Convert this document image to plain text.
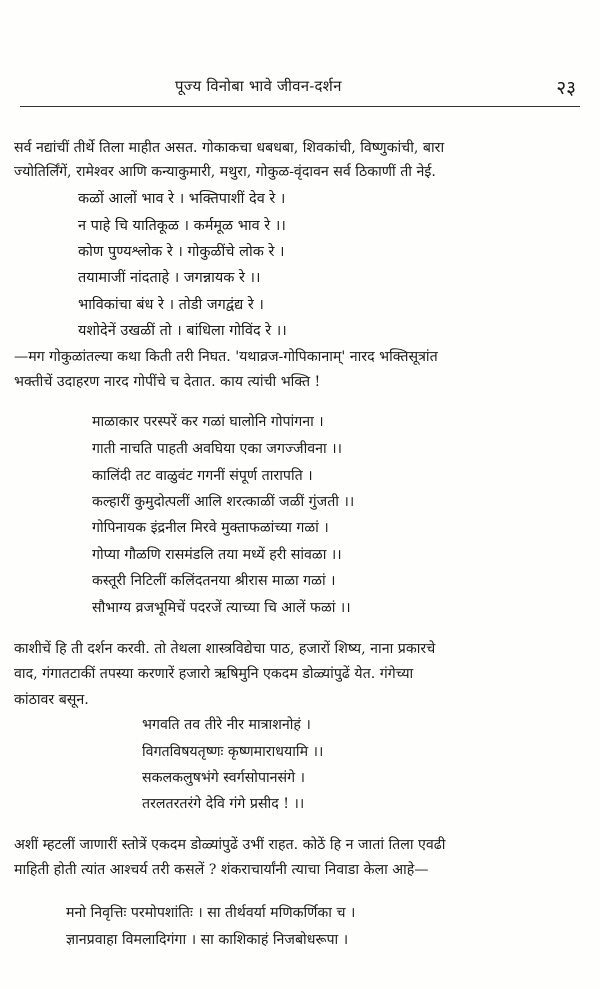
पूज्य विनोबा भावे जीवन-दर्शन	२३
सर्व नद्यांचीं तीर्थे तिला माहीत असत. गोकाकचा धबधबा, शिवकांची, विष्णुकांची, बारा
ज्योतिर्लिंगें, रामेश्वर आणि कन्याकुमारी, मथुरा, गोकुळ-वृंदावन सर्व ठिकाणीं ती नेई.
कळों आलों भाव रे । भक्तिपाशीं देव रे ।
न पाहे चि यातिकूळ । कर्ममूळ भाव रे ।।
कोण पुण्यश्लोक रे । गोकुळींचे लोक रे ।
तयामाजीं नांदताहे । जगन्नायक रे ।।
भाविकांचा बंध रे । तोडी जगद्वंद्य रे ।
यशोदेनें उखळीं तो । बांधिला गोविंद रे ।।
—मग गोकुळांतल्या कथा किती तरी निघत. 'यथाव्रज-गोपिकानाम्' नारद भक्तिसूत्रांत
भक्तीचें उदाहरण नारद गोपींचे च देतात. काय त्यांची भक्ति !
माळाकार परस्परें कर गळां घालोनि गोपांगना ।
गाती नाचति पाहती अवघिया एका जगज्जीवना ।।
कालिंदी तट वाळुवंट गगनीं संपूर्ण तारापति ।
कल्हारीं कुमुदोत्पलीं आलि शरत्काळीं जळीं गुंजती ।।
गोपिनायक इंद्रनील मिरवे मुक्ताफळांच्या गळां ।
गोप्या गौळणि रासमंडलि तया मध्यें हरी सांवळा ।।
कस्तूरी निटिलीं कलिंदतनया श्रीरास माळा गळां ।
सौभाग्य व्रजभूमिचें पदरजें त्याच्या चि आलें फळां ।।
काशीचें हि ती दर्शन करवी. तो तेथला शास्त्रविद्येचा पाठ, हजारों शिष्य, नाना प्रकारचे
वाद, गंगातटाकीं तपस्या करणारें हजारो ऋषिमुनि एकदम डोळ्यांपुढें येत. गंगेच्या
कांठावर बसून.
भगवति तव तीरे नीर मात्राशनोहं ।
विगतविषयतृष्णः कृष्णमाराधयामि ।।
सकलकलुषभंगे स्वर्गसोपानसंगे ।
तरलतरतरंगे देवि गंगे प्रसीद ! ।।
अशीं म्हटलीं जाणारीं स्तोत्रें एकदम डोळ्यांपुढें उभीं राहत. कोठें हि न जातां तिला एवढी
माहिती होती त्यांत आश्चर्य तरी कसलें ? शंकराचार्यांनी त्याचा निवाडा केला आहे—
मनो निवृत्तिः परमोपशांतिः । सा तीर्थवर्या मणिकर्णिका च ।
ज्ञानप्रवाहा विमलादिगंगा । सा काशिकाहं निजबोधरूपा ।
